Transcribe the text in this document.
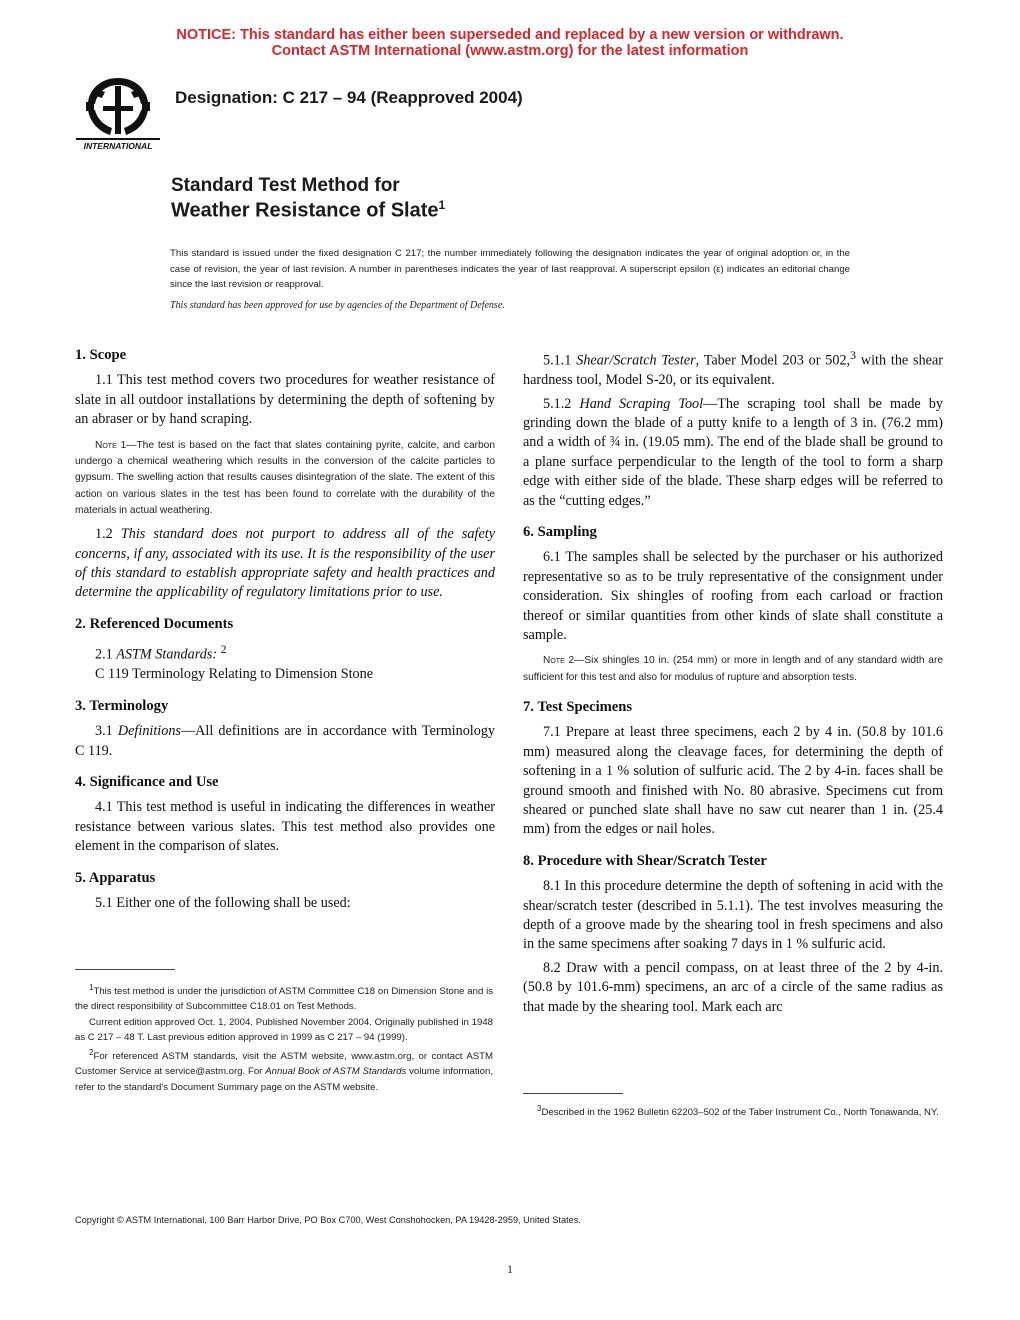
NOTICE: This standard has either been superseded and replaced by a new version or withdrawn.
Contact ASTM International (www.astm.org) for the latest information
INTERNATIONAL
Designation: C 217 – 94 (Reapproved 2004)
Standard Test Method for
Weather Resistance of Slate$^1$
This standard is issued under the fixed designation C 217; the number immediately following the designation indicates the year of original adoption or, in the case of revision, the year of last revision. A number in parentheses indicates the year of last reapproval. A superscript epsilon (ε) indicates an editorial change since the last revision or reapproval.
This standard has been approved for use by agencies of the Department of Defense.
1. Scope

1.1 This test method covers two procedures for weather resistance of slate in all outdoor installations by determining the depth of softening by an abraser or by hand scraping.

Note 1—The test is based on the fact that slates containing pyrite, calcite, and carbon undergo a chemical weathering which results in the conversion of the calcite particles to gypsum. The swelling action that results causes disintegration of the slate. The extent of this action on various slates in the test has been found to correlate with the durability of the materials in actual weathering.

1.2 This standard does not purport to address all of the safety concerns, if any, associated with its use. It is the responsibility of the user of this standard to establish appropriate safety and health practices and determine the applicability of regulatory limitations prior to use.

2. Referenced Documents

2.1 ASTM Standards: $^2$

C 119 Terminology Relating to Dimension Stone

3. Terminology

3.1 Definitions—All definitions are in accordance with Terminology C 119.

4. Significance and Use

4.1 This test method is useful in indicating the differences in weather resistance between various slates. This test method also provides one element in the comparison of slates.

5. Apparatus

5.1 Either one of the following shall be used:

$^1$This test method is under the jurisdiction of ASTM Committee C18 on Dimension Stone and is the direct responsibility of Subcommittee C18.01 on Test Methods.

Current edition approved Oct. 1, 2004. Published November 2004. Originally published in 1948 as C 217 – 48 T. Last previous edition approved in 1999 as C 217 – 94 (1999).

$^2$For referenced ASTM standards, visit the ASTM website, www.astm.org, or contact ASTM Customer Service at service@astm.org. For Annual Book of ASTM Standards volume information, refer to the standard's Document Summary page on the ASTM website.

5.1.1 Shear/Scratch Tester, Taber Model 203 or 502,$^3$ with the shear hardness tool, Model S-20, or its equivalent.

5.1.2 Hand Scraping Tool—The scraping tool shall be made by grinding down the blade of a putty knife to a length of 3 in. (76.2 mm) and a width of ¾ in. (19.05 mm). The end of the blade shall be ground to a plane surface perpendicular to the length of the tool to form a sharp edge with either side of the blade. These sharp edges will be referred to as the “cutting edges.”

6. Sampling

6.1 The samples shall be selected by the purchaser or his authorized representative so as to be truly representative of the consignment under consideration. Six shingles of roofing from each carload or fraction thereof or similar quantities from other kinds of slate shall constitute a sample.

Note 2—Six shingles 10 in. (254 mm) or more in length and of any standard width are sufficient for this test and also for modulus of rupture and absorption tests.

7. Test Specimens

7.1 Prepare at least three specimens, each 2 by 4 in. (50.8 by 101.6 mm) measured along the cleavage faces, for determining the depth of softening in a 1 % solution of sulfuric acid. The 2 by 4-in. faces shall be ground smooth and finished with No. 80 abrasive. Specimens cut from sheared or punched slate shall have no saw cut nearer than 1 in. (25.4 mm) from the edges or nail holes.

8. Procedure with Shear/Scratch Tester

8.1 In this procedure determine the depth of softening in acid with the shear/scratch tester (described in 5.1.1). The test involves measuring the depth of a groove made by the shearing tool in fresh specimens and also in the same specimens after soaking 7 days in 1 % sulfuric acid.

8.2 Draw with a pencil compass, on at least three of the 2 by 4-in. (50.8 by 101.6-mm) specimens, an arc of a circle of the same radius as that made by the shearing tool. Mark each arc

$^3$Described in the 1962 Bulletin 62203–502 of the Taber Instrument Co., North Tonawanda, NY.

Copyright © ASTM International, 100 Barr Harbor Drive, PO Box C700, West Conshohocken, PA 19428-2959, United States.
1
